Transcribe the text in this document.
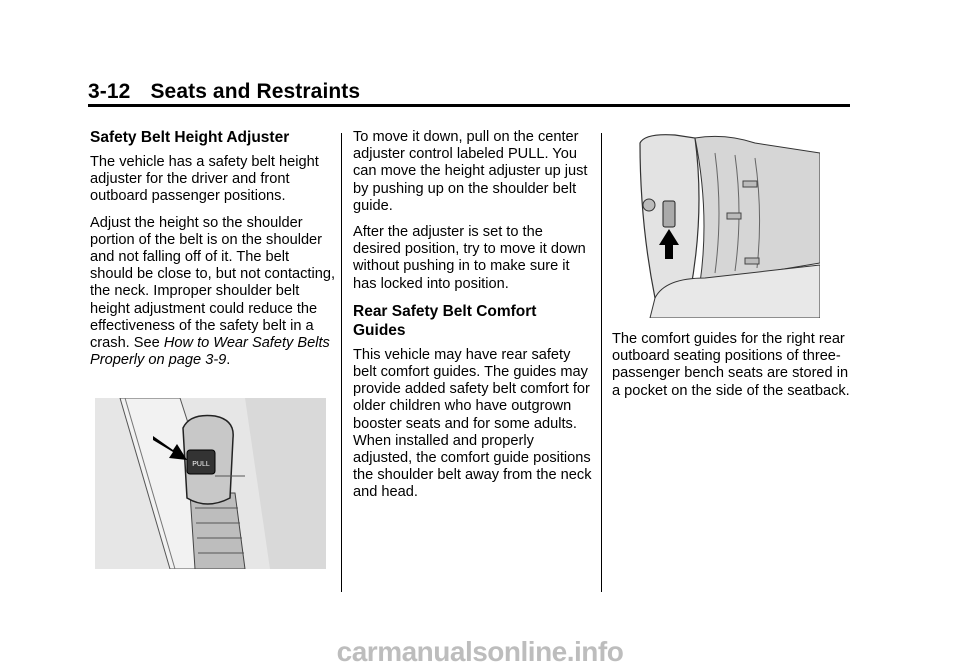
3-12 Seats and Restraints
Safety Belt Height Adjuster

The vehicle has a safety belt height adjuster for the driver and front outboard passenger positions.

Adjust the height so the shoulder portion of the belt is on the shoulder and not falling off of it. The belt should be close to, but not contacting, the neck. Improper shoulder belt height adjustment could reduce the effectiveness of the safety belt in a crash. See How to Wear Safety Belts Properly on page 3-9.

PULL

To move it down, pull on the center adjuster control labeled PULL. You can move the height adjuster up just by pushing up on the shoulder belt guide.

After the adjuster is set to the desired position, try to move it down without pushing in to make sure it has locked into position.

Rear Safety Belt Comfort Guides

This vehicle may have rear safety belt comfort guides. The guides may provide added safety belt comfort for older children who have outgrown booster seats and for some adults. When installed and properly adjusted, the comfort guide positions the shoulder belt away from the neck and head.

The comfort guides for the right rear outboard seating positions of three-passenger bench seats are stored in a pocket on the side of the seatback.

carmanualsonline.info
